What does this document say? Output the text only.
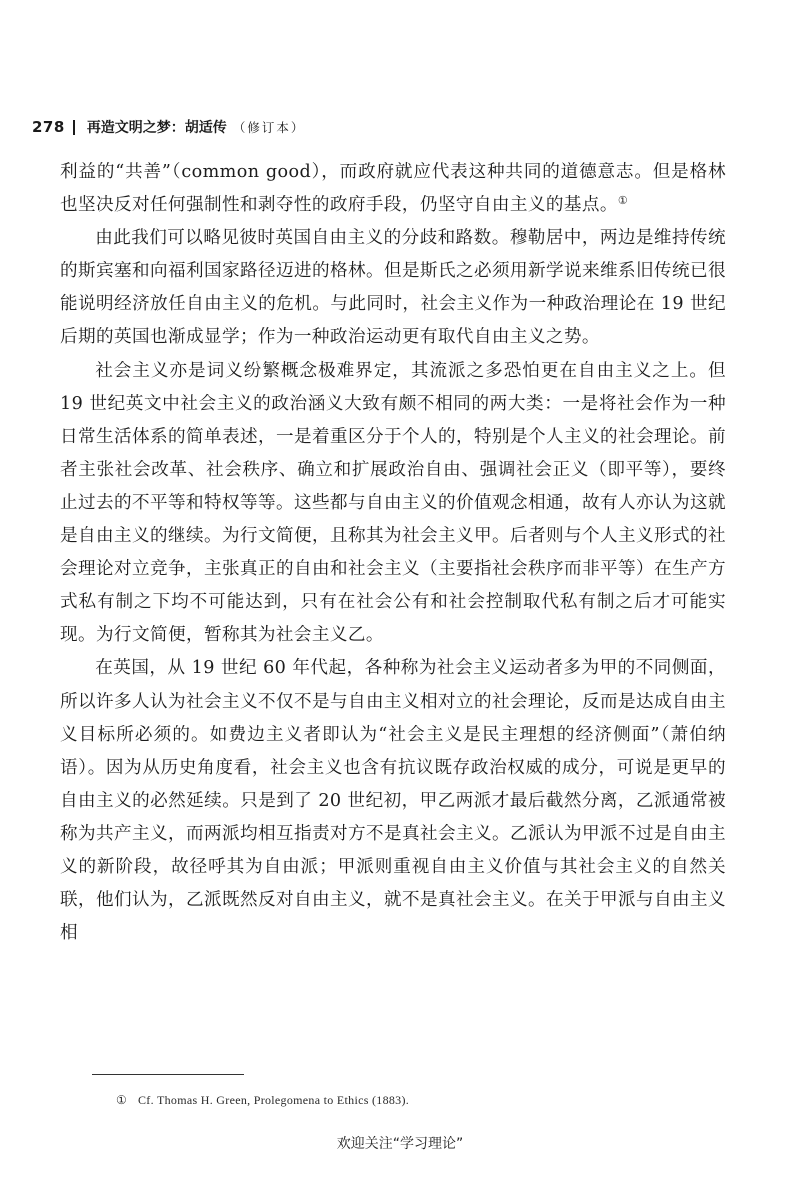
278 再造文明之梦：胡适传 （修订本）

利益的“共善”（common good），而政府就应代表这种共同的道德意志。但是格林也坚决反对任何强制性和剥夺性的政府手段，仍坚守自由主义的基点。①

由此我们可以略见彼时英国自由主义的分歧和路数。穆勒居中，两边是维持传统的斯宾塞和向福利国家路径迈进的格林。但是斯氏之必须用新学说来维系旧传统已很能说明经济放任自由主义的危机。与此同时，社会主义作为一种政治理论在 19 世纪后期的英国也渐成显学；作为一种政治运动更有取代自由主义之势。

社会主义亦是词义纷繁概念极难界定，其流派之多恐怕更在自由主义之上。但 19 世纪英文中社会主义的政治涵义大致有颇不相同的两大类：一是将社会作为一种日常生活体系的简单表述，一是着重区分于个人的，特别是个人主义的社会理论。前者主张社会改革、社会秩序、确立和扩展政治自由、强调社会正义（即平等），要终止过去的不平等和特权等等。这些都与自由主义的价值观念相通，故有人亦认为这就是自由主义的继续。为行文简便，且称其为社会主义甲。后者则与个人主义形式的社会理论对立竞争，主张真正的自由和社会主义（主要指社会秩序而非平等）在生产方式私有制之下均不可能达到，只有在社会公有和社会控制取代私有制之后才可能实现。为行文简便，暂称其为社会主义乙。

在英国，从 19 世纪 60 年代起，各种称为社会主义运动者多为甲的不同侧面，所以许多人认为社会主义不仅不是与自由主义相对立的社会理论，反而是达成自由主义目标所必须的。如费边主义者即认为“社会主义是民主理想的经济侧面”（萧伯纳语）。因为从历史角度看，社会主义也含有抗议既存政治权威的成分，可说是更早的自由主义的必然延续。只是到了 20 世纪初，甲乙两派才最后截然分离，乙派通常被称为共产主义，而两派均相互指责对方不是真社会主义。乙派认为甲派不过是自由主义的新阶段，故径呼其为自由派；甲派则重视自由主义价值与其社会主义的自然关联，他们认为，乙派既然反对自由主义，就不是真社会主义。在关于甲派与自由主义相

① Cf. Thomas H. Green, Prolegomena to Ethics (1883).
欢迎关注“学习理论”
